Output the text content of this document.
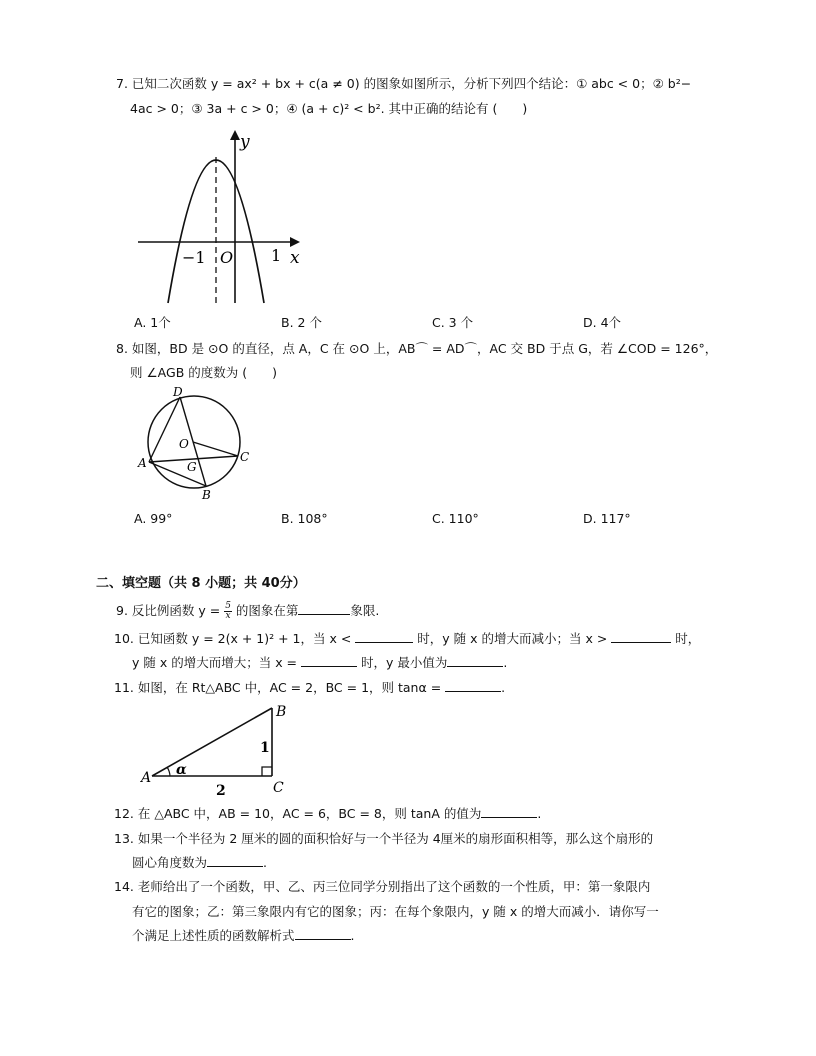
7. 已知二次函数 y = ax² + bx + c(a ≠ 0) 的图象如图所示，分析下列四个结论：① abc < 0；② b²−
4ac > 0；③ 3a + c > 0；④ (a + c)² < b². 其中正确的结论有 (　　)
y
x
−1 O 1
A. 1个	B. 2 个	C. 3 个	D. 4个
8. 如图，BD 是 ⊙O 的直径，点 A，C 在 ⊙O 上，AB⌒ = AD⌒，AC 交 BD 于点 G，若 ∠COD = 126°，
则 ∠AGB 的度数为 (　　)
D
O
A	G
C
B
A. 99°	B. 108°	C. 110°	D. 117°
二、填空题（共 8 小题；共 40分）
9. 反比例函数 $y = \frac{5}{x}$ 的图象在第	象限.
10. 已知函数 y = 2(x + 1)² + 1，当 x <	时，y 随 x 的增大而减小；当 x >	时，
y 随 x 的增大而增大；当 x =	时，y 最小值为	.
11. 如图，在 Rt△ABC 中，AC = 2，BC = 1，则 tanα =	.
A
B
C
α
1
2
12. 在 △ABC 中，AB = 10，AC = 6，BC = 8，则 tanA 的值为	.
13. 如果一个半径为 2 厘米的圆的面积恰好与一个半径为 4厘米的扇形面积相等，那么这个扇形的
圆心角度数为	.
14. 老师给出了一个函数，甲、乙、丙三位同学分别指出了这个函数的一个性质，甲：第一象限内
有它的图象；乙：第三象限内有它的图象；丙：在每个象限内，y 随 x 的增大而减小．请你写一
个满足上述性质的函数解析式	.
